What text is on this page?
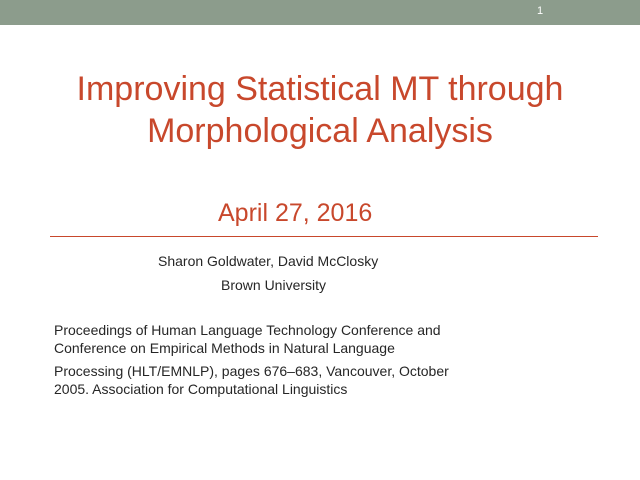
1
Improving Statistical MT through
Morphological Analysis
April 27, 2016
Sharon Goldwater, David McClosky
Brown University

Proceedings of Human Language Technology Conference and
Conference on Empirical Methods in Natural Language
Processing (HLT/EMNLP), pages 676–683, Vancouver, October
2005. Association for Computational Linguistics
